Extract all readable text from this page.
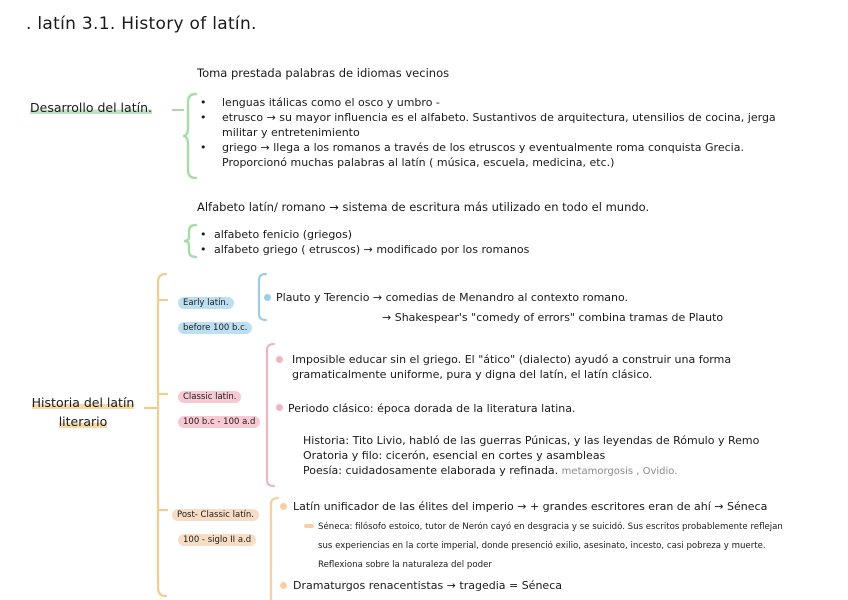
. latín 3.1. History of latín.
Desarrollo del latín.
Toma prestada palabras de idiomas vecinos
• lenguas itálicas como el osco y umbro -
• etrusco → su mayor influencia es el alfabeto. Sustantivos de arquitectura, utensilios de cocina, jerga
militar y entretenimiento
• griego → llega a los romanos a través de los etruscos y eventualmente roma conquista Grecia.
Proporcionó muchas palabras al latín ( música, escuela, medicina, etc.)
Alfabeto latín/ romano → sistema de escritura más utilizado en todo el mundo.
• alfabeto fenicio (griegos)
• alfabeto griego ( etruscos) → modificado por los romanos
Historia del latín
literario
Early latín.
before 100 b.c.
Plauto y Terencio → comedias de Menandro al contexto romano.
→ Shakespear's "comedy of errors" combina tramas de Plauto
Classic latín.
100 b.c - 100 a.d
Imposible educar sin el griego. El "ático" (dialecto) ayudó a construir una forma
gramaticalmente uniforme, pura y digna del latín, el latín clásico.
Periodo clásico: época dorada de la literatura latina.
Historia: Tito Livio, habló de las guerras Púnicas, y las leyendas de Rómulo y Remo
Oratoria y filo: cicerón, esencial en cortes y asambleas
Poesía: cuidadosamente elaborada y refinada. metamorgosis , Ovidio.
Post- Classic latín.
100 - siglo II a.d
Latín unificador de las élites del imperio → + grandes escritores eran de ahí → Séneca
Séneca: filósofo estoico, tutor de Nerón cayó en desgracia y se suicidó. Sus escritos probablemente reflejan
sus experiencias en la corte imperial, donde presenció exilio, asesinato, incesto, casi pobreza y muerte.
Reflexiona sobre la naturaleza del poder
Dramaturgos renacentistas → tragedia = Séneca
